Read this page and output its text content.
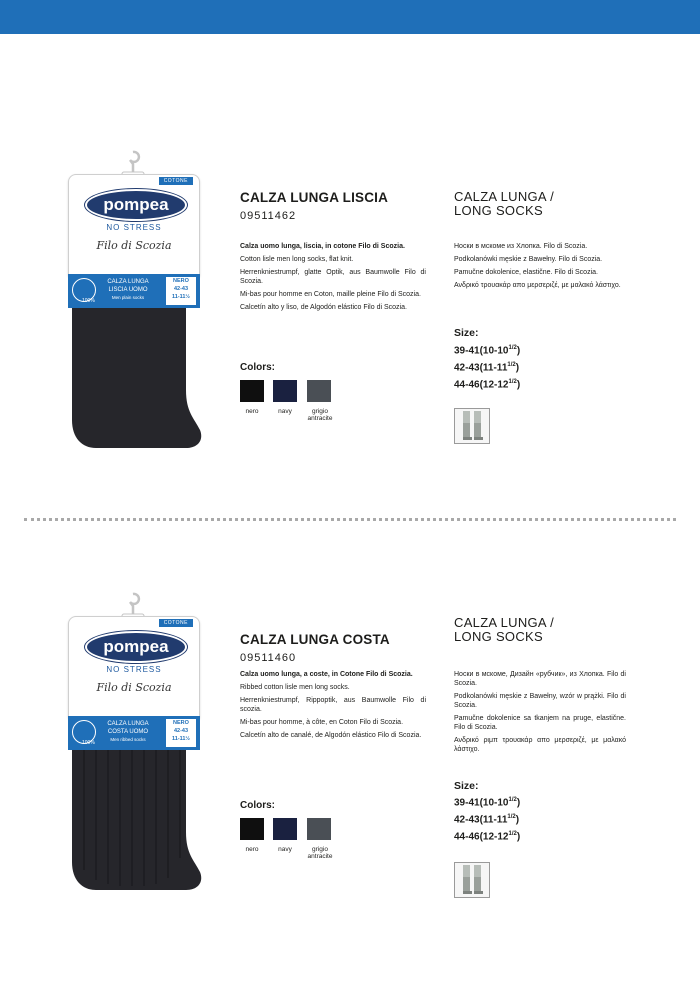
COTONE
pompea
NO STRESS
Filo di Scozia
100%
CALZA LUNGA
LISCIA UOMO
Men plain socks
NERO
42-43
11-11½
CALZA LUNGA LISCIA
09511462

Calza uomo lunga, liscia, in cotone Filo di Scozia.

Cotton lisle men long socks, flat knit.

Herrenkniestrumpf, glatte Optik, aus Baumwolle Filo di Scozia.

Mi-bas pour homme en Coton, maille pleine Filo di Scozia.

Calcetín alto y liso, de Algodón elástico Filo di Scozia.

Colors:
nero	navy	grigio antracite
CALZA LUNGA /
LONG SOCKS

Носки в мскоме из Хлопка. Filo di Scozia.

Podkolanówki męskie z Bawełny. Filo di Scozia.

Pamučne dokolenice, elastične. Filo di Scozia.

Ανδρικό τρουακάρ απο μερσεριζέ, με μαλακό λάστιχο.

Size:
$39-41(10-10^{1/2})$
$42-43(11-11^{1/2})$
$44-46(12-12^{1/2})$
COTONE
pompea
NO STRESS
Filo di Scozia
100%
CALZA LUNGA
COSTA UOMO
Men ribbed socks
NERO
42-43
11-11½
CALZA LUNGA COSTA
09511460

Calza uomo lunga, a coste, in Cotone Filo di Scozia.

Ribbed cotton lisle men long socks.

Herrenkniestrumpf, Rippoptik, aus Baumwolle Filo di scozia.

Mi-bas pour homme, à côte, en Coton Filo di Scozia.

Calcetín alto de canalé, de Algodón elástico Filo di Scozia.

Colors:
nero	navy	grigio antracite
CALZA LUNGA /
LONG SOCKS

Носки в мскоме, Дизайн «рубчик», из Хлопка. Filo di Scozia.

Podkolanówki męskie z Bawełny, wzór w prążki. Filo di Scozia.

Pamučne dokolenice sa tkanjem na pruge, elastične. Filo di Scozia.

Ανδρικό ριμπ τρουακάρ απο μερσεριζέ, με μαλακό λάστιχο.

Size:
$39-41(10-10^{1/2})$
$42-43(11-11^{1/2})$
$44-46(12-12^{1/2})$
